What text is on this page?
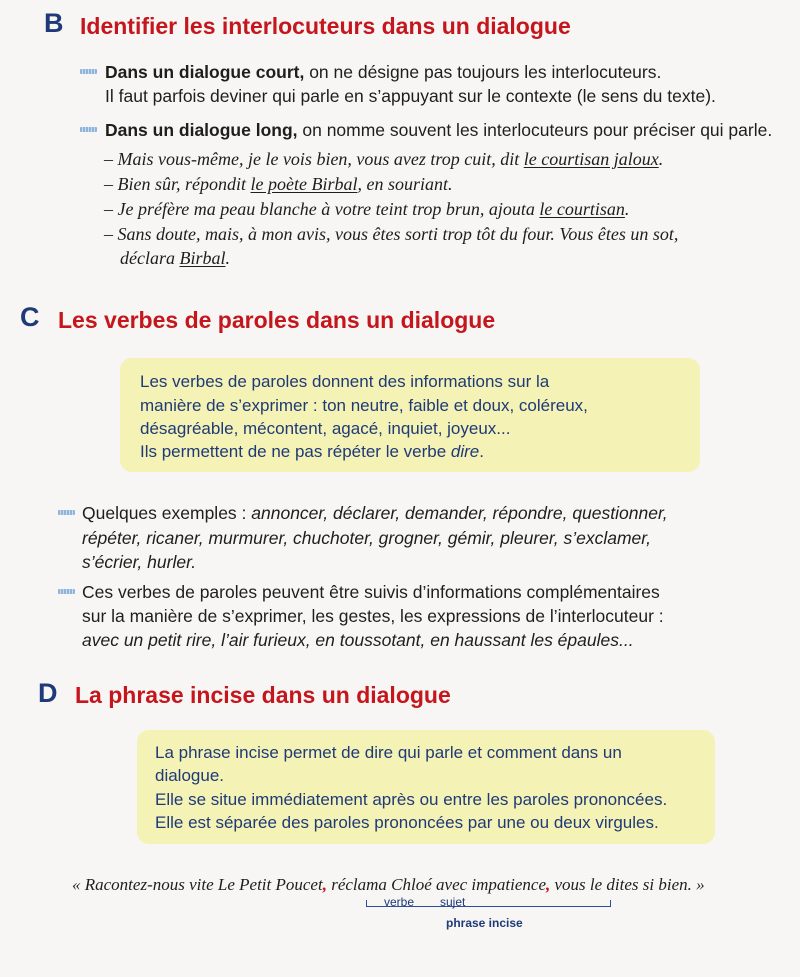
B Identifier les interlocuteurs dans un dialogue
Dans un dialogue court, on ne désigne pas toujours les interlocuteurs.
Il faut parfois deviner qui parle en s’appuyant sur le contexte (le sens du texte).
Dans un dialogue long, on nomme souvent les interlocuteurs pour préciser qui parle.
– Mais vous-même, je le vois bien, vous avez trop cuit, dit le courtisan jaloux.
– Bien sûr, répondit le poète Birbal, en souriant.
– Je préfère ma peau blanche à votre teint trop brun, ajouta le courtisan.
– Sans doute, mais, à mon avis, vous êtes sorti trop tôt du four. Vous êtes un sot,
déclara Birbal.
C Les verbes de paroles dans un dialogue
Les verbes de paroles donnent des informations sur la
manière de s’exprimer : ton neutre, faible et doux, coléreux,
désagréable, mécontent, agacé, inquiet, joyeux...
Ils permettent de ne pas répéter le verbe dire.
Quelques exemples : annoncer, déclarer, demander, répondre, questionner,
répéter, ricaner, murmurer, chuchoter, grogner, gémir, pleurer, s’exclamer,
s’écrier, hurler.
Ces verbes de paroles peuvent être suivis d’informations complémentaires
sur la manière de s’exprimer, les gestes, les expressions de l’interlocuteur :
avec un petit rire, l’air furieux, en toussotant, en haussant les épaules...
D La phrase incise dans un dialogue
La phrase incise permet de dire qui parle et comment dans un
dialogue.
Elle se situe immédiatement après ou entre les paroles prononcées.
Elle est séparée des paroles prononcées par une ou deux virgules.
« Racontez-nous vite Le Petit Poucet, réclama Chloé avec impatience, vous le dites si bien. »
verbe sujet
phrase incise
